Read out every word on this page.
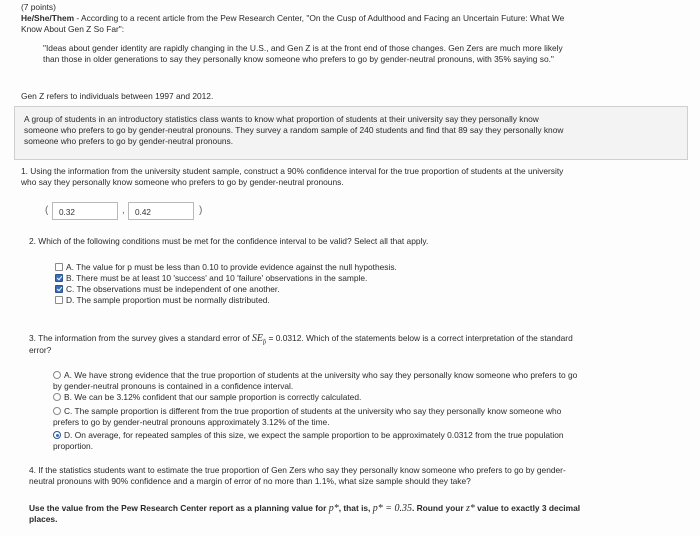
(7 points)
He/She/Them - According to a recent article from the Pew Research Center, "On the Cusp of Adulthood and Facing an Uncertain Future: What We
Know About Gen Z So Far":
"Ideas about gender identity are rapidly changing in the U.S., and Gen Z is at the front end of those changes. Gen Zers are much more likely
than those in older generations to say they personally know someone who prefers to go by gender-neutral pronouns, with 35% saying so."
Gen Z refers to individuals between 1997 and 2012.
A group of students in an introductory statistics class wants to know what proportion of students at their university say they personally know
someone who prefers to go by gender-neutral pronouns. They survey a random sample of 240 students and find that 89 say they personally know
someone who prefers to go by gender-neutral pronouns.
1. Using the information from the university student sample, construct a 90% confidence interval for the true proportion of students at the university
who say they personally know someone who prefers to go by gender-neutral pronouns.
(	0.32	,	0.42	)
2. Which of the following conditions must be met for the confidence interval to be valid? Select all that apply.
A. The value for p must be less than 0.10 to provide evidence against the null hypothesis.
B. There must be at least 10 'success' and 10 'failure' observations in the sample.
C. The observations must be independent of one another.
D. The sample proportion must be normally distributed.
3. The information from the survey gives a standard error of $SE_{p̂} = 0.0312$. Which of the statements below is a correct interpretation of the standard
error?
A. We have strong evidence that the true proportion of students at the university who say they personally know someone who prefers to go
by gender-neutral pronouns is contained in a confidence interval.
B. We can be 3.12% confident that our sample proportion is correctly calculated.
C. The sample proportion is different from the true proportion of students at the university who say they personally know someone who
prefers to go by gender-neutral pronouns approximately 3.12% of the time.
D. On average, for repeated samples of this size, we expect the sample proportion to be approximately 0.0312 from the true population
proportion.
4. If the statistics students want to estimate the true proportion of Gen Zers who say they personally know someone who prefers to go by gender-
neutral pronouns with 90% confidence and a margin of error of no more than 1.1%, what size sample should they take?
Use the value from the Pew Research Center report as a planning value for p*, that is, p* = 0.35. Round your z* value to exactly 3 decimal
places.
